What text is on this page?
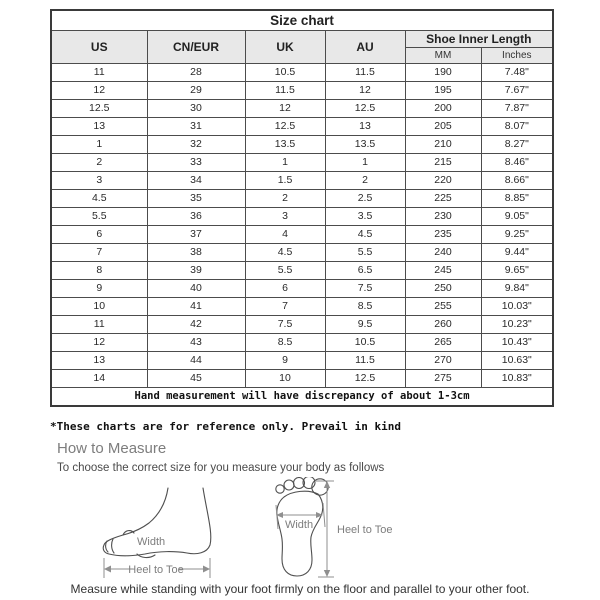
Size chart					
US	CN/EUR	UK	AU	Shoe Inner Length	
				MM	Inches
11	28	10.5	11.5	190	7.48"
12	29	11.5	12	195	7.67"
12.5	30	12	12.5	200	7.87"
13	31	12.5	13	205	8.07"
1	32	13.5	13.5	210	8.27"
2	33	1	1	215	8.46"
3	34	1.5	2	220	8.66"
4.5	35	2	2.5	225	8.85"
5.5	36	3	3.5	230	9.05"
6	37	4	4.5	235	9.25"
7	38	4.5	5.5	240	9.44"
8	39	5.5	6.5	245	9.65"
9	40	6	7.5	250	9.84"
10	41	7	8.5	255	10.03"
11	42	7.5	9.5	260	10.23"
12	43	8.5	10.5	265	10.43"
13	44	9	11.5	270	10.63"
14	45	10	12.5	275	10.83"
Hand measurement will have discrepancy of about 1-3cm					
*These charts are for reference only. Prevail in kind
How to Measure
To choose the correct size for you measure your body as follows
Width
Heel to Toe
Width Heel to Toe
Measure while standing with your foot firmly on the floor and parallel to your other foot.
